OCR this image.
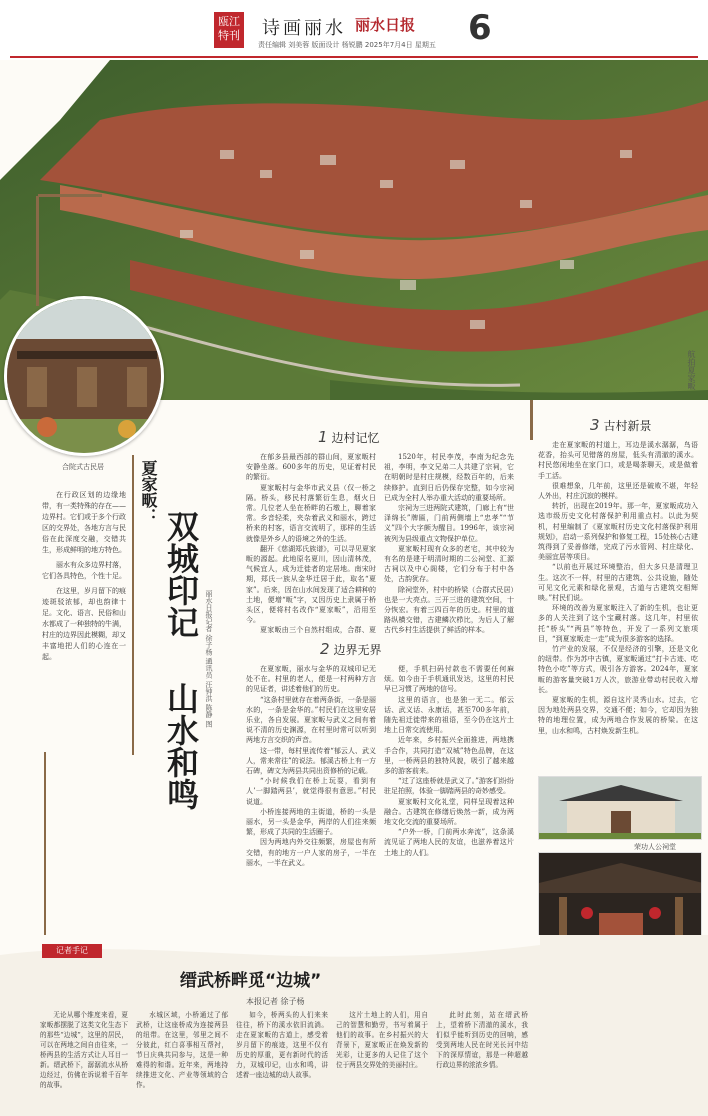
瓯江特刊 诗画丽水 丽水日报 6
责任编辑 刘美蓉 版面设计 杨锐鹏 2025年7月4日 星期五
航拍夏家畈
合院式古民居

在行政区划的边缘地带，有一类特殊的存在——边界村。它们或于多个行政区的交界处，各地方言与民俗在此深度交融，交错共生，形成鲜明的地方特色。

丽水有众多边界村落，它们各具特色，个性十足。

在这里，岁月留下的痕迹斑驳浓郁，却也韵律十足。文化、语言、民俗和山水都成了一种独特的牛满，村庄的边界因此模糊，却又丰富地把人们的心连在一起。

夏家畈：
双城印记
山水和鸣
丽水日报记者 徐子杨 通讯员 汪钟洪 陈静 图
1 边村记忆

在郁多县最西部的群山间，夏家畈村安静坐落。600多年的历史，见证着村民的繁衍。

夏家畈村与金华市武义县（仅一桥之隔。桥头，移民村落繁衍生息，烟火日常。几位老人坐在桥畔的石墩上，聊着家常。乡音轻柔，夹杂着武义和丽水，跨过桥来的村客，语言交流明了，那样的生活就像是外乡人的语境之外的生活。

翻开《慈湖郑氏族谱》，可以寻见夏家畈的源起。此地原名夏川，因山清林茂，气候宜人，成为迁徙者的定居地。南宋时期，郑氏一族从金华迁居于此，取名“夏家”。后来，因在山水间发现了适合耕种的土地，便增“畈”字，又因历史上隶属于桥头区，便将村名改作“夏家畈”，沿用至今。

夏家畈由三个自然村组成，合群、夏

1520年，村民李茂，李南为纪念先祖，李明，李文兄弟二人共建了宗祠，它在明朝时是村庄规模，经数百年的，后来续修护。直到日后仍保存完整，如今宗祠已成为全村人举办重大活动的重要场所。

宗祠为三进两院式建筑，门廊上有“世泽绵长”牌匾，门前两侧墙上“忠孝”“节义”四个大字颇为醒目。1996年，该宗祠被列为县级重点文物保护单位。

夏家畈村现有众多的老宅，其中较为有名的是建于明清时期的二公祠堂、汇源古祠以及中心阁楼，它们分布于村中各处，古韵犹存。

除祠堂外，村中的桥梁（合群式民居）也是一大亮点。三开三进的建筑空间，十分恢宏。有着三四百年的历史。村里的道路纵横交错，古建鳞次栉比，为后人了解古代乡村生活提供了鲜活的样本。

2 边界无界

在夏家畈，丽水与金华的双城印记无处不在。村里的老人，便是一村两种方言的见证者，讲述着他们的历史。

“这条村里就存在着两条街，一条是丽水的，一条是金华的。”村民们在这里安居乐业，各自发展。夏家畈与武义之间有着说不清的历史渊源，在村里时常可以听到两地方言交织的声音。

这一带，每村里流传着“郁云人、武义人，常来常往”的说法。郁溪古桥上有一方石碑，碑文为两县共同出资修桥的记载。

“小时候我们在桥上玩耍，看到有人’一脚踏两县’，就觉得很有意思。”村民说道。

小桥连接两地的主街道，桥的一头是丽水，另一头是金华，两岸的人们往来频繁，形成了共同的生活圈子。

因为两地内外交往频繁，房屋也有所交错，有的地方一户人家的房子，一半在丽水，一半在武义。

便，手机扫码付款也不需要任何麻烦。如今由于手机通讯发达，这里的村民早已习惯了两地的信号。

这里的语言，也是独一无二。郁云话、武义话、永康话，甚至700多年前，随先祖迁徙带来的祖语，至今仍在这片土地上日常交流使用。

近年来，乡村振兴全面推进，两地携手合作，共同打造“双城”特色品牌，在这里，一桥两县的独特风貌，吸引了越来越多的游客前来。

“过了这座桥就是武义了。”游客们纷纷驻足拍照，体验一脚踏两县的奇妙感受。

夏家畈村文化礼堂，同样呈现着这种融合。古建筑在修缮后焕然一新，成为两地文化交流的重要场所。

“户外一桥，门前两水奔流”，这条溪流见证了两地人民的友谊，也滋养着这片土地上的人们。

3 古村新景

走在夏家畈的村道上，耳边是溪水潺潺，鸟语花香，抬头可见错落的房屋，低头有清澈的溪水。村民悠闲地坐在家门口，或是喝茶聊天，或是做着手工活。

很难想象，几年前，这里还是破败不堪，年轻人外出，村庄沉寂的模样。

转折，出现在2019年。那一年，夏家畈成功入选市级历史文化村落保护利用重点村。以此为契机，村里编制了《夏家畈村历史文化村落保护利用规划》，启动一系列保护和修复工程，15处核心古建筑得到了妥善修缮，完成了污水管网、村庄绿化、美丽宜居等项目。

“以前也开展过环境整治，但大多只是清理卫生。这次不一样，村里的古建筑、公共设施，随处可见文化元素和绿化景观，古道与古建筑交相辉映。”村民们说。

环境的改善为夏家畈注入了新的生机，也让更多的人关注到了这个宝藏村落。这几年，村里依托“桥头”“两县”等特色，开发了一系列文旅项目，“到夏家畈走一走”成为很多游客的选择。

竹产业的发展，不仅是经济的引擎，还是文化的纽带。作为苏中古镇，夏家畈通过“打卡古迹、吃特色小吃”等方式，吸引各方游客。2024年，夏家畈的游客量突破1万人次，旅游业带动村民收入增长。

夏家畈的生机，源自这片灵秀山水。过去，它因为地处两县交界，交通不便；如今，它却因为独特的地理位置，成为两地合作发展的桥梁。在这里，山水和鸣，古村焕发新生机。

荣功人公祠堂
记者手记
缙武桥畔觅“边城”
本报记者 徐子杨
无论从哪个维度来看，夏家畈都摆脱了这类文化生态下的那些“边城”，这里的居民，可以在两地之间自由往来，一桥两县的生活方式让人耳目一新。缙武桥下，潺潺流水从桥边经过，仿佛在诉说着千百年的故事。
水城区域，小桥通过了郁武桥，让这座桥成为连接两县的纽带。在这里，邻里之间不分彼此，红白喜事相互帮衬，节日庆典共同参与，这是一种难得的和谐。近年来，两地持续推进文化、产业等领域的合作。
如今，桥两头的人们来来往往，桥下的溪水依旧流淌。走在夏家畈的古道上，感受着岁月留下的痕迹，这里不仅有历史的厚重，更有新时代的活力，双城印记，山水和鸣，讲述着一座边城的动人故事。
这片土地上的人们，用自己的智慧和勤劳，书写着属于他们的故事。在乡村振兴的大背景下，夏家畈正在焕发新的光彩，让更多的人记住了这个位于两县交界处的美丽村庄。
此时此刻，站在缙武桥上，望着桥下清澈的溪水，我们似乎能听到历史的回响，感受到两地人民在时光长河中结下的深厚情谊，那是一种超越行政边界的浓浓乡情。
